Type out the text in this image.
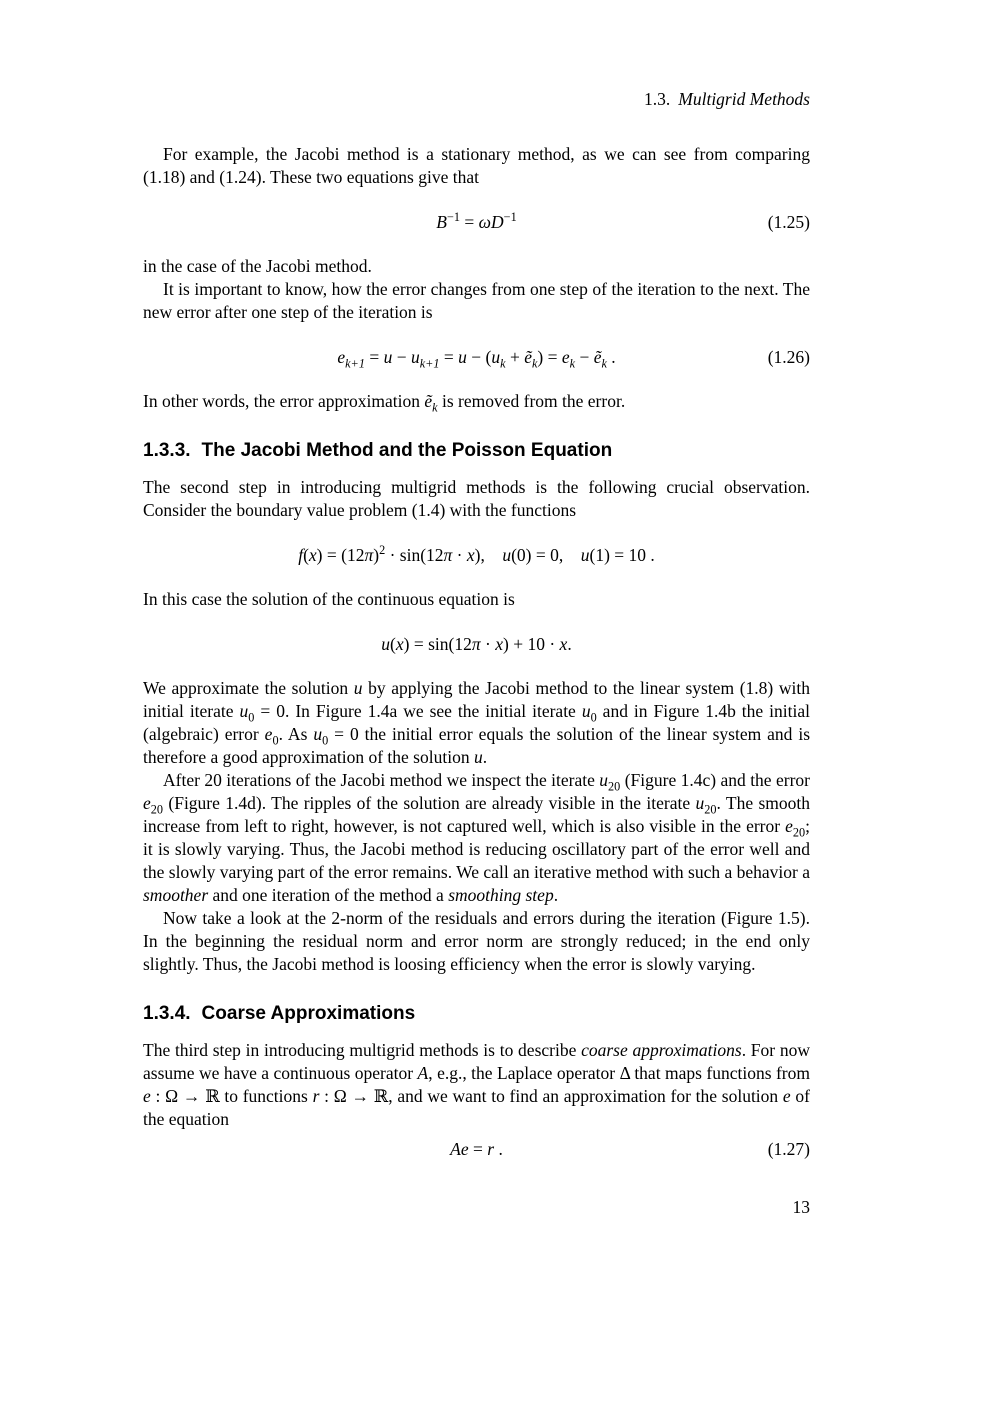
1.3. Multigrid Methods

For example, the Jacobi method is a stationary method, as we can see from comparing (1.18) and (1.24). These two equations give that

$B^{-1} = \omega D^{-1}$	(1.25)

in the case of the Jacobi method.

It is important to know, how the error changes from one step of the iteration to the next. The new error after one step of the iteration is

$e_{k+1} = u - u_{k+1} = u - (u_k$ + ẽ$_k$) = $e_k$ − ẽ$_k$ .	(1.26)

In other words, the error approximation ẽ$_k$ is removed from the error.

1.3.3. The Jacobi Method and the Poisson Equation

The second step in introducing multigrid methods is the following crucial observation. Consider the boundary value problem (1.4) with the functions

$f(x) = (12\pi)^2 \cdot \sin(12\pi \cdot x)$,  u(0) = 0,  u(1) = 10 .

In this case the solution of the continuous equation is

u(x) = sin(12π · x) + 10 · x.

We approximate the solution u by applying the Jacobi method to the linear system (1.8) with initial iterate $u_0 = 0$. In Figure 1.4a we see the initial iterate $u_0$ and in Figure 1.4b the initial (algebraic) error $e_0$. As $u_0 = 0$ the initial error equals the solution of the linear system and is therefore a good approximation of the solution u.

After 20 iterations of the Jacobi method we inspect the iterate $u_{20}$ (Figure 1.4c) and the error $e_{20}$ (Figure 1.4d). The ripples of the solution are already visible in the iterate $u_{20}$. The smooth increase from left to right, however, is not captured well, which is also visible in the error $e_{20}$; it is slowly varying. Thus, the Jacobi method is reducing oscillatory part of the error well and the slowly varying part of the error remains. We call an iterative method with such a behavior a smoother and one iteration of the method a smoothing step.

Now take a look at the 2-norm of the residuals and errors during the iteration (Figure 1.5). In the beginning the residual norm and error norm are strongly reduced; in the end only slightly. Thus, the Jacobi method is loosing efficiency when the error is slowly varying.

1.3.4. Coarse Approximations

The third step in introducing multigrid methods is to describe coarse approximations. For now assume we have a continuous operator A, e.g., the Laplace operator Δ that maps functions from e : Ω → ℝ to functions r : Ω → ℝ, and we want to find an approximation for the solution e of the equation

Ae = r .	(1.27)
13
